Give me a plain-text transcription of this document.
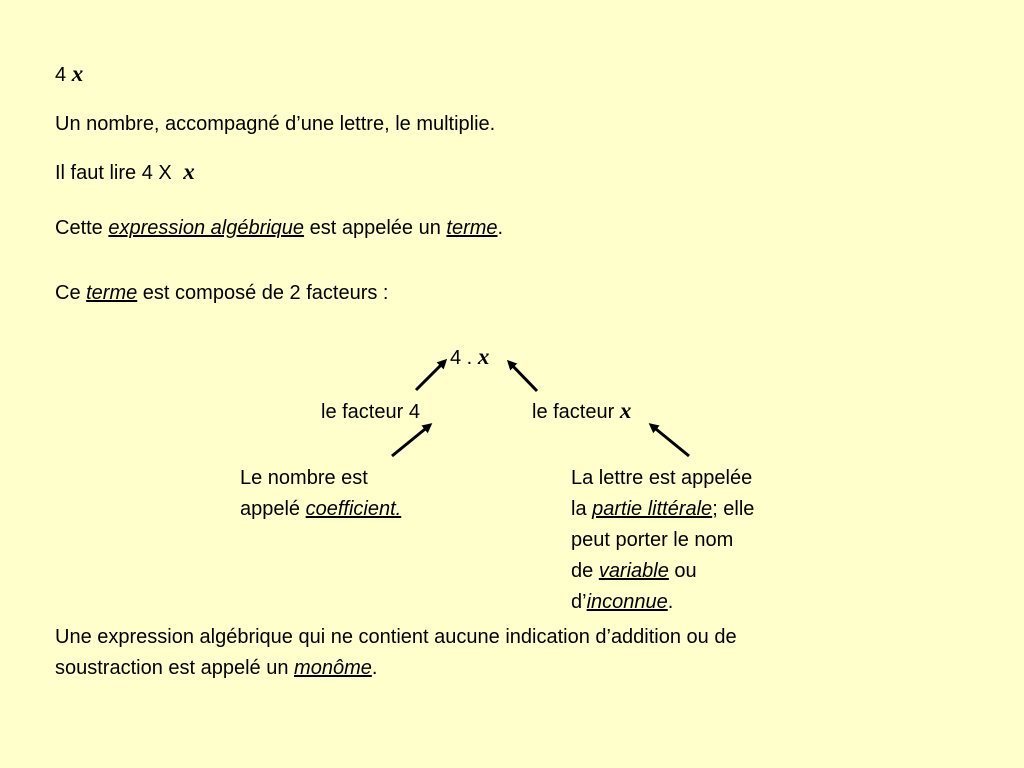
4 x
Un nombre, accompagné d’une lettre, le multiplie.
Il faut lire 4 X x
Cette expression algébrique est appelée un terme.
Ce terme est composé de 2 facteurs :
4 . x
le facteur 4	le facteur x
Le nombre est
appelé coefficient.
La lettre est appelée
la partie littérale; elle
peut porter le nom
de variable ou
d’inconnue.
Une expression algébrique qui ne contient aucune indication d’addition ou de
soustraction est appelé un monôme.
